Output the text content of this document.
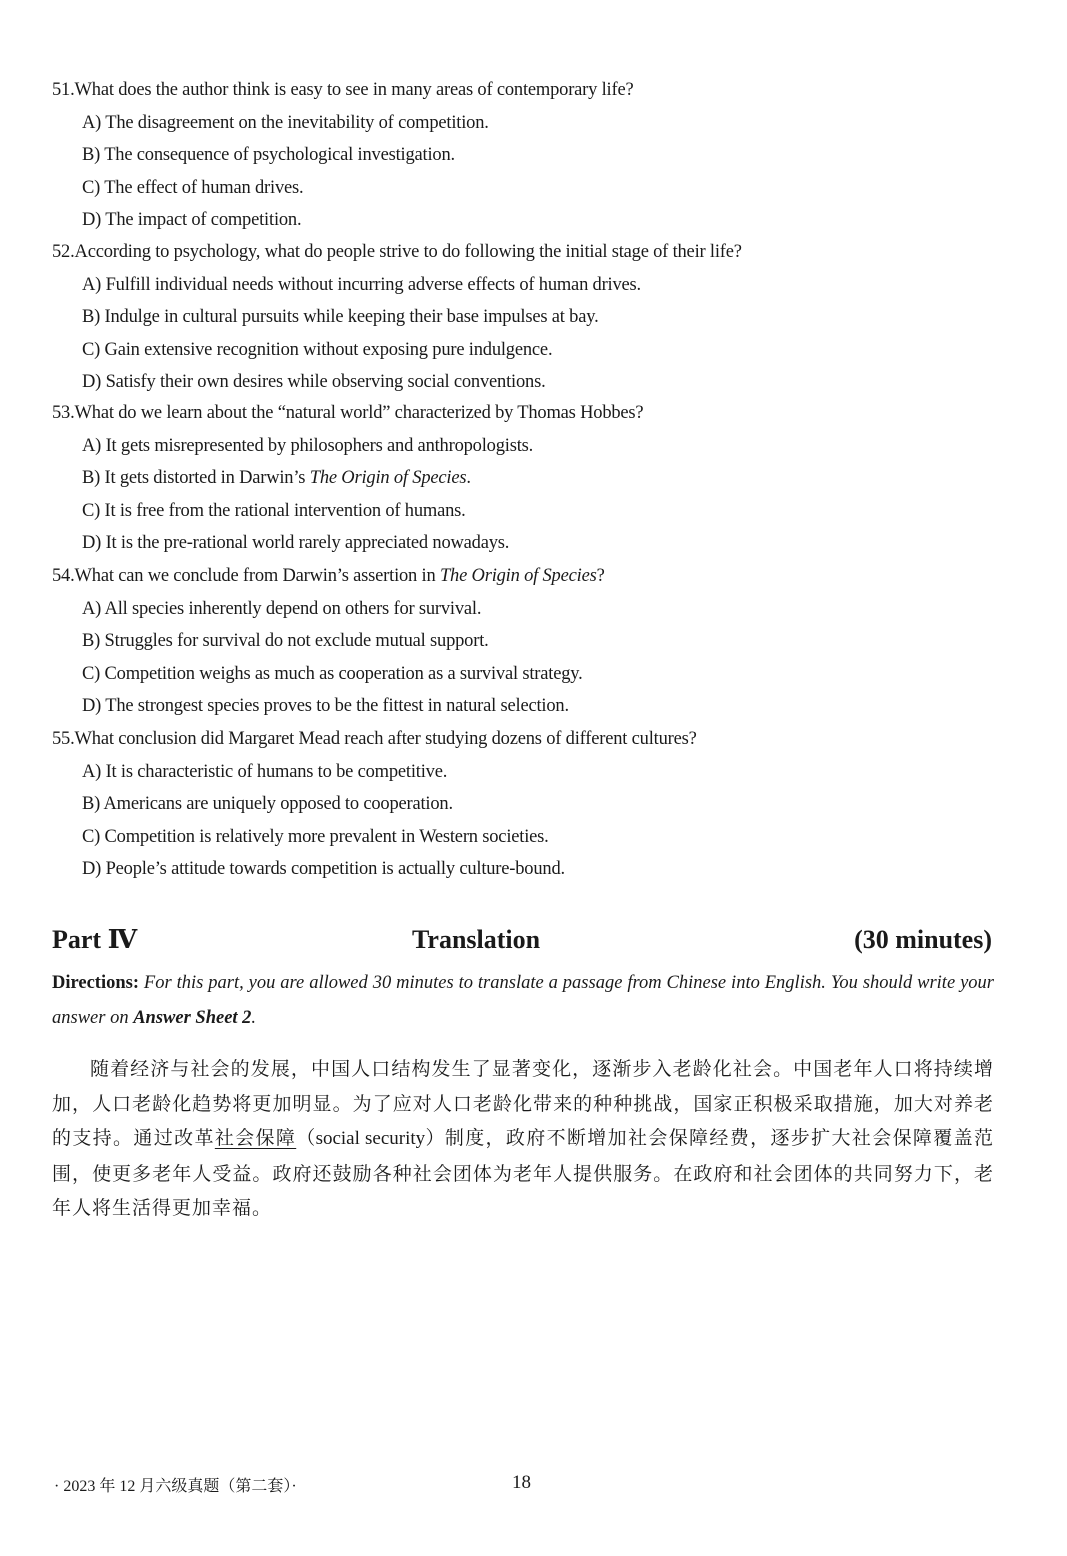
51.What does the author think is easy to see in many areas of contemporary life?
A) The disagreement on the inevitability of competition.
B) The consequence of psychological investigation.
C) The effect of human drives.
D) The impact of competition.
52.According to psychology, what do people strive to do following the initial stage of their life?
A) Fulfill individual needs without incurring adverse effects of human drives.
B) Indulge in cultural pursuits while keeping their base impulses at bay.
C) Gain extensive recognition without exposing pure indulgence.
D) Satisfy their own desires while observing social conventions.
53.What do we learn about the “natural world” characterized by Thomas Hobbes?
A) It gets misrepresented by philosophers and anthropologists.
B) It gets distorted in Darwin’s The Origin of Species.
C) It is free from the rational intervention of humans.
D) It is the pre-rational world rarely appreciated nowadays.
54.What can we conclude from Darwin’s assertion in The Origin of Species?
A) All species inherently depend on others for survival.
B) Struggles for survival do not exclude mutual support.
C) Competition weighs as much as cooperation as a survival strategy.
D) The strongest species proves to be the fittest in natural selection.
55.What conclusion did Margaret Mead reach after studying dozens of different cultures?
A) It is characteristic of humans to be competitive.
B) Americans are uniquely opposed to cooperation.
C) Competition is relatively more prevalent in Western societies.
D) People’s attitude towards competition is actually culture-bound.
Part Ⅳ	Translation	(30 minutes)
Directions: For this part, you are allowed 30 minutes to translate a passage from Chinese into English. You should write your answer on Answer Sheet 2.
随着经济与社会的发展，中国人口结构发生了显著变化，逐渐步入老龄化社会。中国老年人口将持续增加，人口老龄化趋势将更加明显。为了应对人口老龄化带来的种种挑战，国家正积极采取措施，加大对养老的支持。通过改革社会保障（social security）制度，政府不断增加社会保障经费，逐步扩大社会保障覆盖范围，使更多老年人受益。政府还鼓励各种社会团体为老年人提供服务。在政府和社会团体的共同努力下，老年人将生活得更加幸福。
· 2023 年 12 月六级真题（第二套）·	18
